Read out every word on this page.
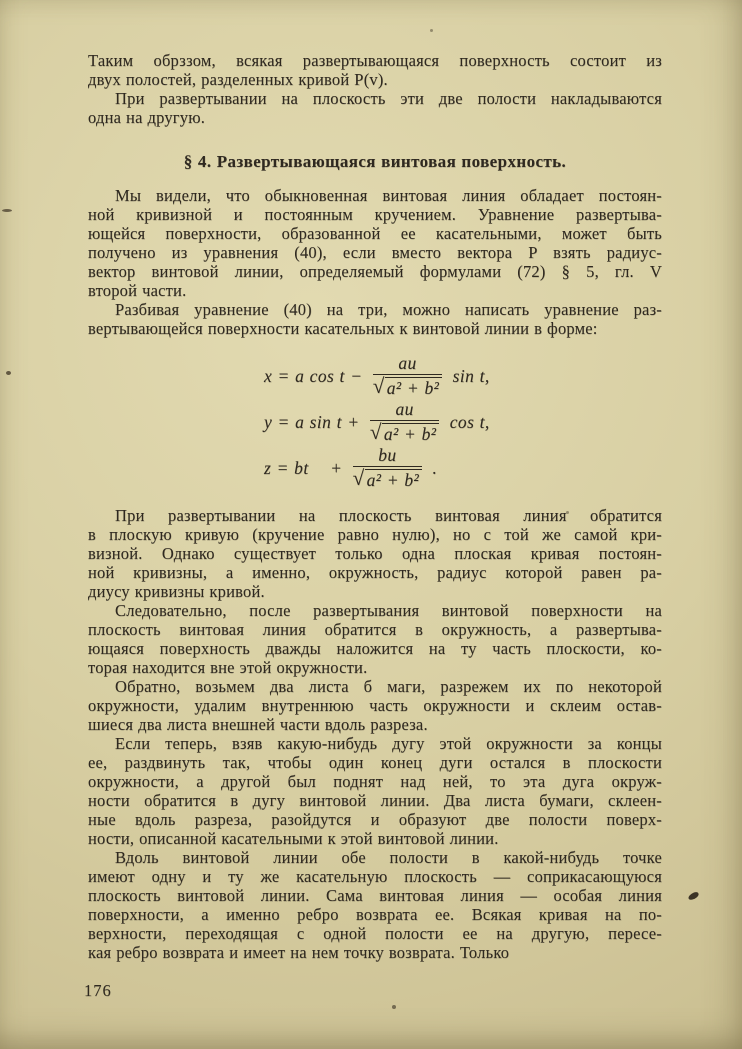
Таким обрззом, всякая развертывающаяся поверхность состоит из
двух полостей, разделенных кривой P(v).
При развертывании на плоскость эти две полости накладываются
одна на другую.
§ 4. Развертывающаяся винтовая поверхность.
Мы видели, что обыкновенная винтовая линия обладает постоян-
ной кривизной и постоянным кручением. Уравнение развертыва-
ющейся поверхности, образованной ее касательными, может быть
получено из уравнения (40), если вместо вектора P взять радиус-
вектор винтовой линии, определяемый формулами (72) § 5, гл. V
второй части.
Разбивая уравнение (40) на три, можно написать уравнение раз-
вертывающейся поверхности касательных к винтовой линии в форме:
x = a $\cos t - \frac{au}{\text{√ a² + b²}}$ sin t,
y = a $\sin t + \frac{au}{\text{√ a² + b²}}$ cos t,
z = bt    + $\frac{bu}{\text{√ a² + b²}}$ .
При развертывании на плоскость винтовая линия обратится
в плоскую кривую (кручение равно нулю), но с той же самой кри-
визной. Однако существует только одна плоская кривая постоян-
ной кривизны, а именно, окружность, радиус которой равен ра-
диусу кривизны кривой.
Следовательно, после развертывания винтовой поверхности на
плоскость винтовая линия обратится в окружность, а развертыва-
ющаяся поверхность дважды наложится на ту часть плоскости, ко-
торая находится вне этой окружности.
Обратно, возьмем два листа б маги, разрежем их по некоторой
окружности, удалим внутреннюю часть окружности и склеим остав-
шиеся два листа внешней части вдоль разреза.
Если теперь, взяв какую-нибудь дугу этой окружности за концы
ее, раздвинуть так, чтобы один конец дуги остался в плоскости
окружности, а другой был поднят над ней, то эта дуга окруж-
ности обратится в дугу винтовой линии. Два листа бумаги, склеен-
ные вдоль разреза, разойдутся и образуют две полости поверх-
ности, описанной касательными к этой винтовой линии.
Вдоль винтовой линии обе полости в какой-нибудь точке
имеют одну и ту же касательную плоскость — соприкасающуюся
плоскость винтовой линии. Сама винтовая линия — особая линия
поверхности, а именно ребро возврата ее. Всякая кривая на по-
верхности, переходящая с одной полости ее на другую, пересе-
кая ребро возврата и имеет на нем точку возврата. Только
176
